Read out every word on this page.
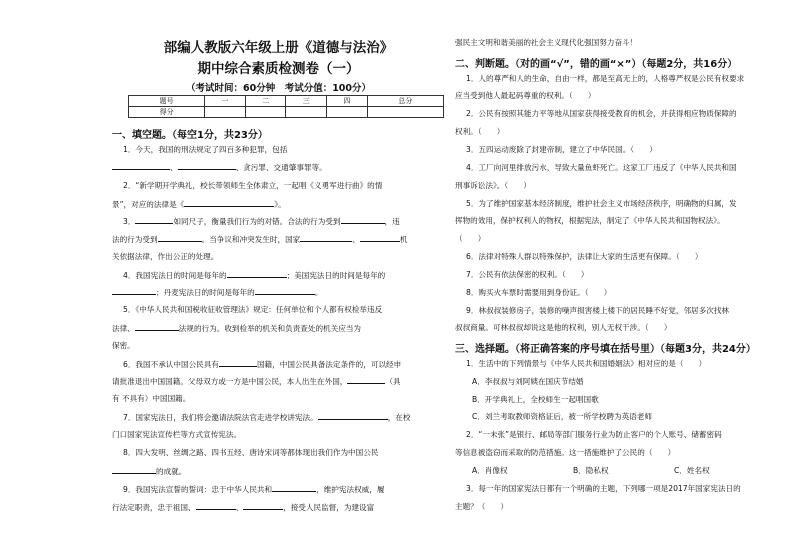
部编人教版六年级上册《道德与法治》
期中综合素质检测卷（一）
（考试时间：60分钟　考试分值：100分）
题号	一	二	三	四	总分
得分					
一、填空题。（每空1分，共23分）
1．今天，我国的刑法规定了四百多种犯罪，包括
、	、贪污罪、交通肇事罪等。
2．“新学期开学典礼，校长带领师生全体肃立，一起唱《义勇军进行曲》的情
景”，对应的法律是《	》。
3．	如同尺子，衡量我们行为的对错。合法的行为受到	，违
法的行为受到	。当争议和冲突发生时，国家	、	机
关依据法律，作出公正的处理。
4．我国宪法日的时间是每年的	；美国宪法日的时间是每年的
；丹麦宪法日的时间是每年的	。
5．《中华人民共和国税收征收管理法》规定：任何单位和个人都有权检举违反
法律、	法规的行为。收到检举的机关和负责查处的机关应当为
保密。
6．我国不承认中国公民具有	国籍，中国公民具备法定条件的，可以经申
请批准退出中国国籍。父母双方或一方是中国公民，本人出生在外国，	（具
有 不具有）中国国籍。
7．国家宪法日，我们将会邀请法院法官走进学校讲宪法。	，在校
门口国家宪法宣传栏等方式宣传宪法。
8．四大发明、丝绸之路、四书五经、唐诗宋词等都体现出我们作为中国公民
的成就。
9．我国宪法宣誓的誓词：忠于中华人民共和	，维护宪法权威，履
行法定职责，忠于祖国、	、	，接受人民监督，为建设富
强民主文明和谐美丽的社会主义现代化强国努力奋斗！
二、判断题。（对的画“√”，错的画“×”）（每题2分，共16分）
1．人的尊严和人的生命，自由一样，都是至高无上的，人格尊严权是公民有权要求
应当受到他人最起码尊重的权利。（　　）
2．公民有按照其能力平等地从国家获得接受教育的机会，并获得相应物质保障的
权利。（　　）
3．五四运动废除了封建帝制，建立了中华民国。（　　）
4．工厂向河里排放污水，导致大量鱼虾死亡。这家工厂违反了《中华人民共和国
刑事诉讼法》。（　　）
5．为了维护国家基本经济制度，维护社会主义市场经济秩序，明确物的归属，发
挥物的效用，保护权利人的物权，根据宪法，制定了《中华人民共和国物权法》。
（　　）
6．法律对特殊人群以特殊保护，法律让大家的生活更有保障。（　　）
7．公民有依法保密的权利。（　　）
8．购买火车票时需要用到身份证。（　　）
9．林叔叔装修房子，装修的噪声损害楼上楼下的居民睡不好觉，邻居多次找林
叔叔商量。可林叔叔却说这是他的权利，别人无权干涉。（　　）
三、选择题。（将正确答案的序号填在括号里）（每题3分，共24分）
1．生活中的下列情景与《中华人民共和国婚姻法》相对应的是（　　）
A．李叔叔与刘阿姨在国庆节结婚
B．开学典礼上，全校师生一起唱国歌
C．刘兰考取教师资格证后，被一所学校聘为英语老师
2．“一未张”是银行、邮局等部门服务行业为防止客户的个人账号、储蓄密码
等信息被盗窃而采取的防范措施。这一措施维护了公民的（　　）
A．肖像权	B．隐私权	C．姓名权
3．每一年的国家宪法日都有一个明确的主题，下列哪一项是2017年国家宪法日的
主题？（　　）
